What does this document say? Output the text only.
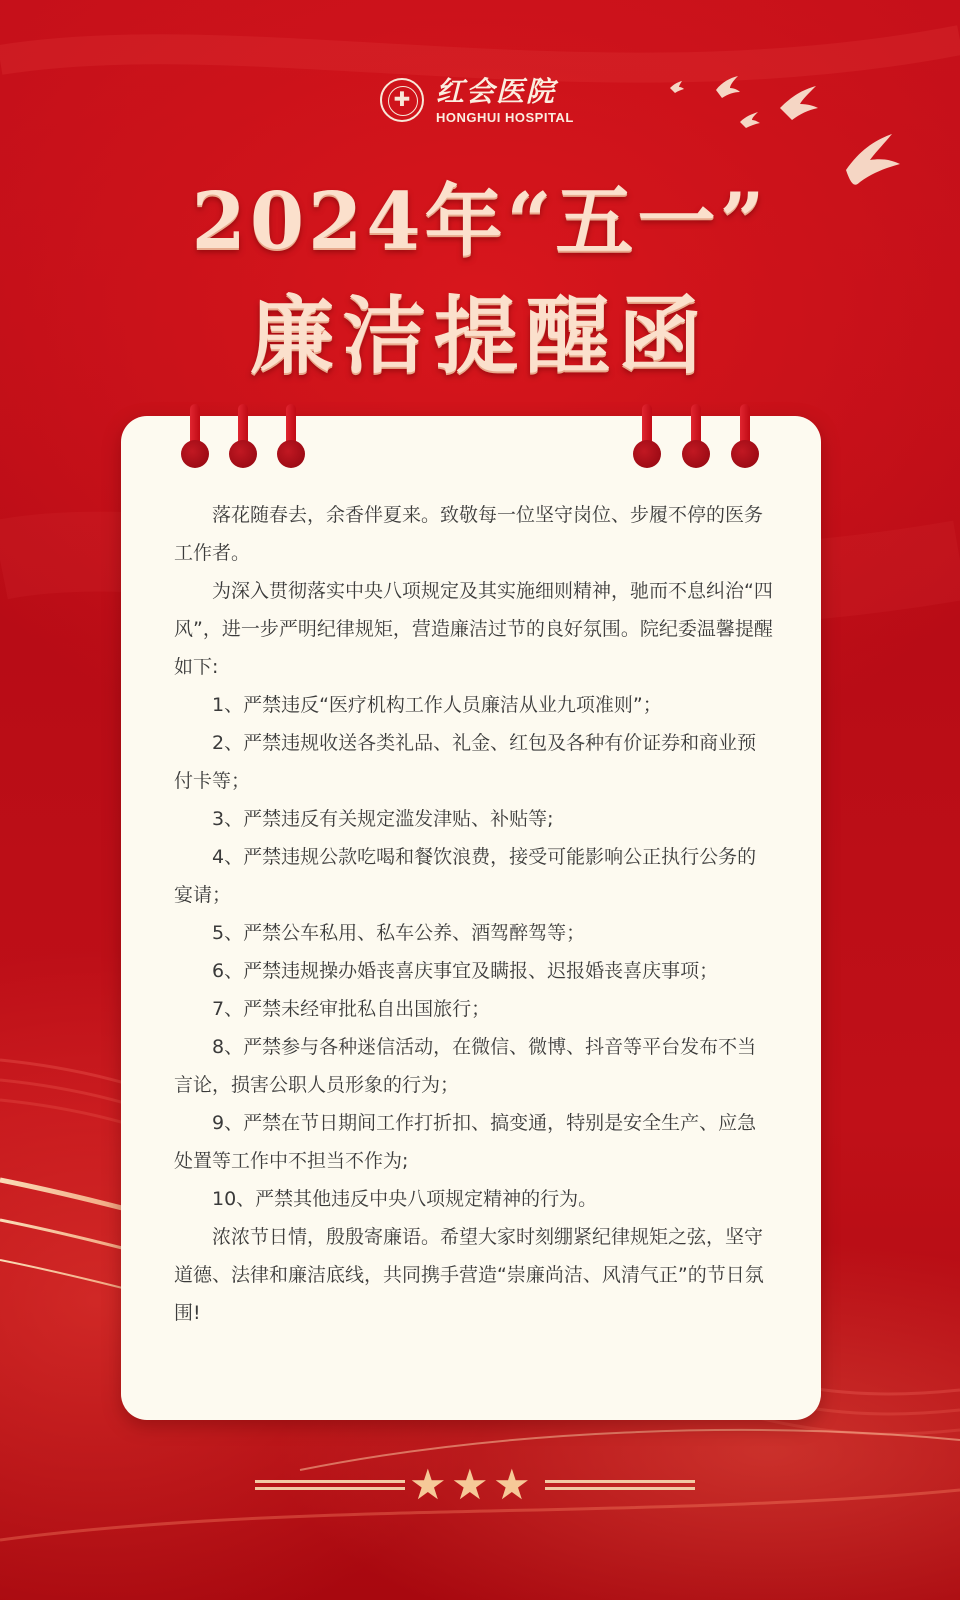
✚
红会医院
HONGHUI HOSPITAL
2024年“五一”
廉洁提醒函

落花随春去，余香伴夏来。致敬每一位坚守岗位、步履不停的医务工作者。

为深入贯彻落实中央八项规定及其实施细则精神，驰而不息纠治“四风”，进一步严明纪律规矩，营造廉洁过节的良好氛围。院纪委温馨提醒如下:

1、严禁违反“医疗机构工作人员廉洁从业九项准则”；

2、严禁违规收送各类礼品、礼金、红包及各种有价证券和商业预付卡等；

3、严禁违反有关规定滥发津贴、补贴等;

4、严禁违规公款吃喝和餐饮浪费，接受可能影响公正执行公务的宴请；

5、严禁公车私用、私车公养、酒驾醉驾等；

6、严禁违规操办婚丧喜庆事宜及瞒报、迟报婚丧喜庆事项；

7、严禁未经审批私自出国旅行；

8、严禁参与各种迷信活动，在微信、微博、抖音等平台发布不当言论，损害公职人员形象的行为；

9、严禁在节日期间工作打折扣、搞变通，特别是安全生产、应急处置等工作中不担当不作为;

10、严禁其他违反中央八项规定精神的行为。

浓浓节日情，殷殷寄廉语。希望大家时刻绷紧纪律规矩之弦，坚守道德、法律和廉洁底线，共同携手营造“崇廉尚洁、风清气正”的节日氛围!

★ ★ ★
